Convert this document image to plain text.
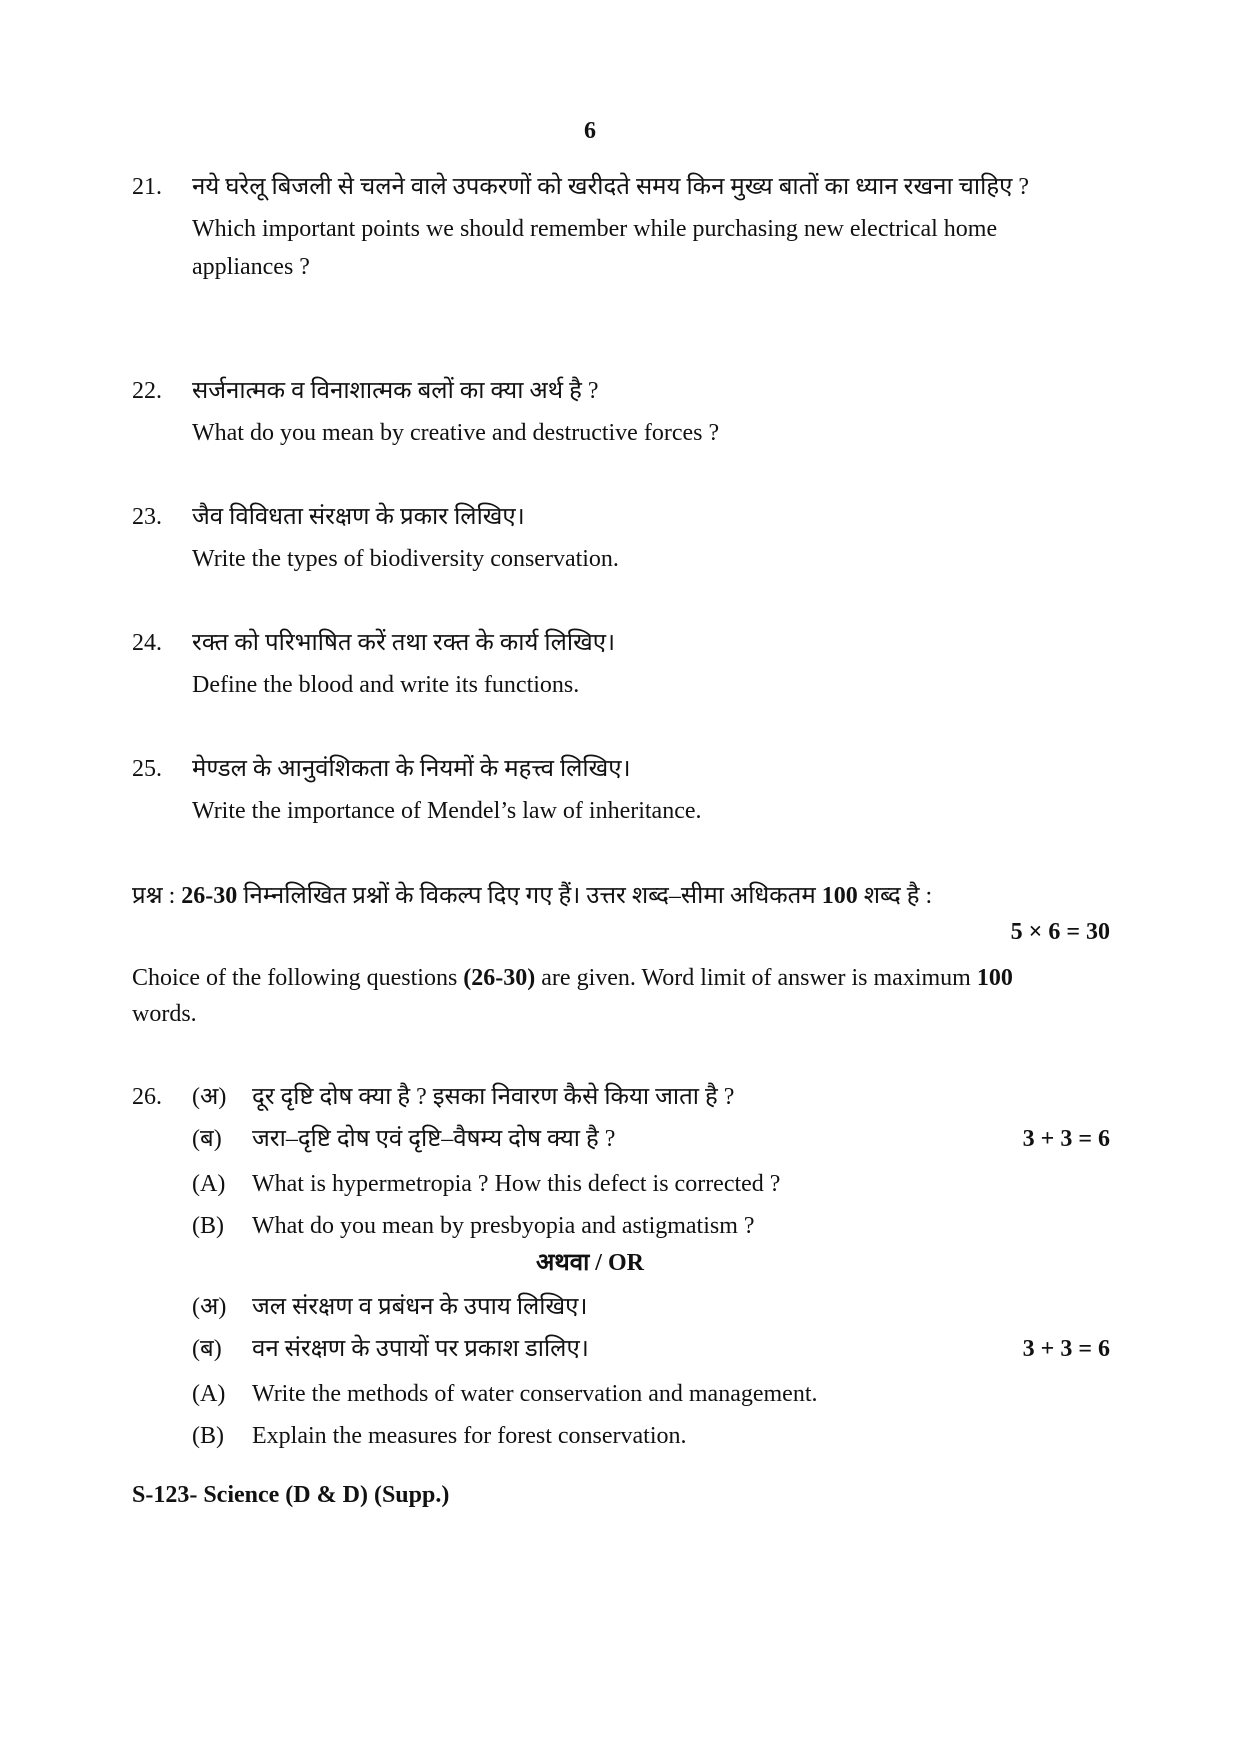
6
21. नये घरेलू बिजली से चलने वाले उपकरणों को खरीदते समय किन मुख्य बातों का ध्यान रखना चाहिए ?

Which important points we should remember while purchasing new electrical home appliances ?

22. सर्जनात्मक व विनाशात्मक बलों का क्या अर्थ है ?

What do you mean by creative and destructive forces ?

23. जैव विविधता संरक्षण के प्रकार लिखिए।

Write the types of biodiversity conservation.

24. रक्त को परिभाषित करें तथा रक्त के कार्य लिखिए।

Define the blood and write its functions.

25. मेण्डल के आनुवंशिकता के नियमों के महत्त्व लिखिए।

Write the importance of Mendel’s law of inheritance.

प्रश्न : 26-30 निम्नलिखित प्रश्नों के विकल्प दिए गए हैं। उत्तर शब्द–सीमा अधिकतम 100 शब्द है :
5 × 6 = 30
Choice of the following questions (26-30) are given. Word limit of answer is maximum 100 words.
26. (अ) दूर दृष्टि दोष क्या है ? इसका निवारण कैसे किया जाता है ?
(ब) जरा–दृष्टि दोष एवं दृष्टि–वैषम्य दोष क्या है ?	3 + 3 = 6
(A) What is hypermetropia ? How this defect is corrected ?
(B) What do you mean by presbyopia and astigmatism ?
अथवा / OR
(अ) जल संरक्षण व प्रबंधन के उपाय लिखिए।
(ब) वन संरक्षण के उपायों पर प्रकाश डालिए।	3 + 3 = 6
(A) Write the methods of water conservation and management.
(B) Explain the measures for forest conservation.
S-123- Science (D & D) (Supp.)
